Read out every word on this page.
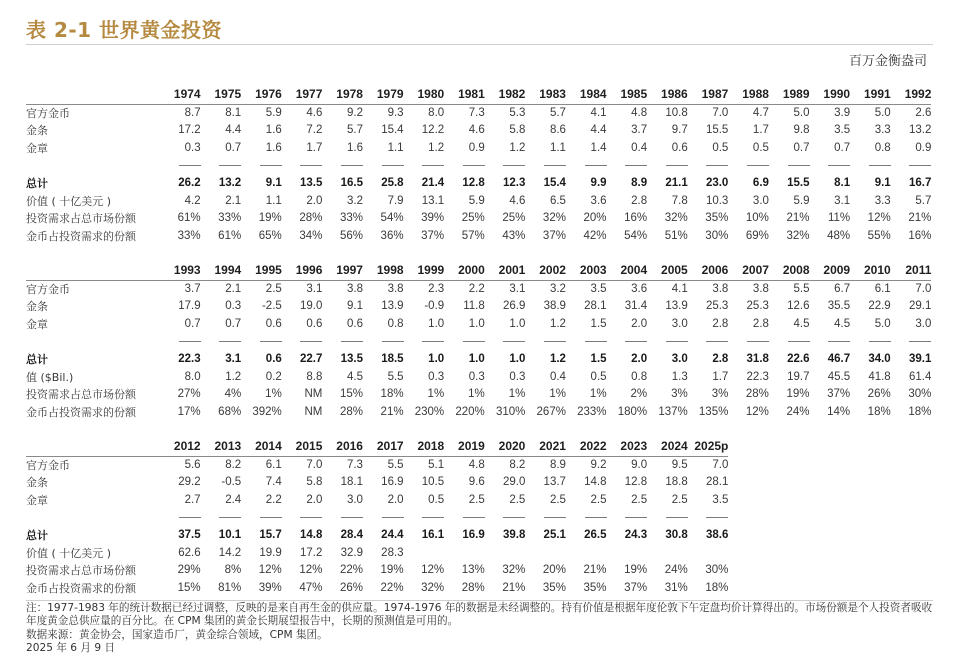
表 2-1 世界黄金投资
百万金衡盎司
	1974	1975	1976	1977	1978	1979	1980	1981	1982	1983	1984	1985	1986	1987	1988	1989	1990	1991	1992
官方金币	8.7	8.1	5.9	4.6	9.2	9.3	8.0	7.3	5.3	5.7	4.1	4.8	10.8	7.0	4.7	5.0	3.9	5.0	2.6
金条	17.2	4.4	1.6	7.2	5.7	15.4	12.2	4.6	5.8	8.6	4.4	3.7	9.7	15.5	1.7	9.8	3.5	3.3	13.2
金章	0.3	0.7	1.6	1.7	1.6	1.1	1.2	0.9	1.2	1.1	1.4	0.4	0.6	0.5	0.5	0.7	0.7	0.8	0.9

总计	26.2	13.2	9.1	13.5	16.5	25.8	21.4	12.8	12.3	15.4	9.9	8.9	21.1	23.0	6.9	15.5	8.1	9.1	16.7
价值 ( 十亿美元 )	4.2	2.1	1.1	2.0	3.2	7.9	13.1	5.9	4.6	6.5	3.6	2.8	7.8	10.3	3.0	5.9	3.1	3.3	5.7
投资需求占总市场份额	61%	33%	19%	28%	33%	54%	39%	25%	25%	32%	20%	16%	32%	35%	10%	21%	11%	12%	21%
金币占投资需求的份额	33%	61%	65%	34%	56%	36%	37%	57%	43%	37%	42%	54%	51%	30%	69%	32%	48%	55%	16%
	1993	1994	1995	1996	1997	1998	1999	2000	2001	2002	2003	2004	2005	2006	2007	2008	2009	2010	2011
官方金币	3.7	2.1	2.5	3.1	3.8	3.8	2.3	2.2	3.1	3.2	3.5	3.6	4.1	3.8	3.8	5.5	6.7	6.1	7.0
金条	17.9	0.3	-2.5	19.0	9.1	13.9	-0.9	11.8	26.9	38.9	28.1	31.4	13.9	25.3	25.3	12.6	35.5	22.9	29.1
金章	0.7	0.7	0.6	0.6	0.6	0.8	1.0	1.0	1.0	1.2	1.5	2.0	3.0	2.8	2.8	4.5	4.5	5.0	3.0

总计	22.3	3.1	0.6	22.7	13.5	18.5	1.0	1.0	1.0	1.2	1.5	2.0	3.0	2.8	31.8	22.6	46.7	34.0	39.1
值 ($Bil.)	8.0	1.2	0.2	8.8	4.5	5.5	0.3	0.3	0.3	0.4	0.5	0.8	1.3	1.7	22.3	19.7	45.5	41.8	61.4
投资需求占总市场份额	27%	4%	1%	NM	15%	18%	1%	1%	1%	1%	1%	2%	3%	3%	28%	19%	37%	26%	30%
金币占投资需求的份额	17%	68%	392%	NM	28%	21%	230%	220%	310%	267%	233%	180%	137%	135%	12%	24%	14%	18%	18%
	2012	2013	2014	2015	2016	2017	2018	2019	2020	2021	2022	2023	2024	2025p
官方金币	5.6	8.2	6.1	7.0	7.3	5.5	5.1	4.8	8.2	8.9	9.2	9.0	9.5	7.0
金条	29.2	-0.5	7.4	5.8	18.1	16.9	10.5	9.6	29.0	13.7	14.8	12.8	18.8	28.1
金章	2.7	2.4	2.2	2.0	3.0	2.0	0.5	2.5	2.5	2.5	2.5	2.5	2.5	3.5

总计	37.5	10.1	15.7	14.8	28.4	24.4	16.1	16.9	39.8	25.1	26.5	24.3	30.8	38.6
价值 ( 十亿美元 )	62.6	14.2	19.9	17.2	32.9	28.3								
投资需求占总市场份额	29%	8%	12%	12%	22%	19%	12%	13%	32%	20%	21%	19%	24%	30%
金币占投资需求的份额	15%	81%	39%	47%	26%	22%	32%	28%	21%	35%	35%	37%	31%	18%
注：1977-1983 年的统计数据已经过调整，反映的是来自再生金的供应量。1974-1976 年的数据是未经调整的。持有价值是根据年度伦敦下午定盘均价计算得出的。市场份额是个人投资者吸收年度黄金总供应量的百分比。在 CPM 集团的黄金长期展望报告中，长期的预测值是可用的。
数据来源：黄金协会，国家造币厂，黄金综合领域，CPM 集团。
2025 年 6 月 9 日
